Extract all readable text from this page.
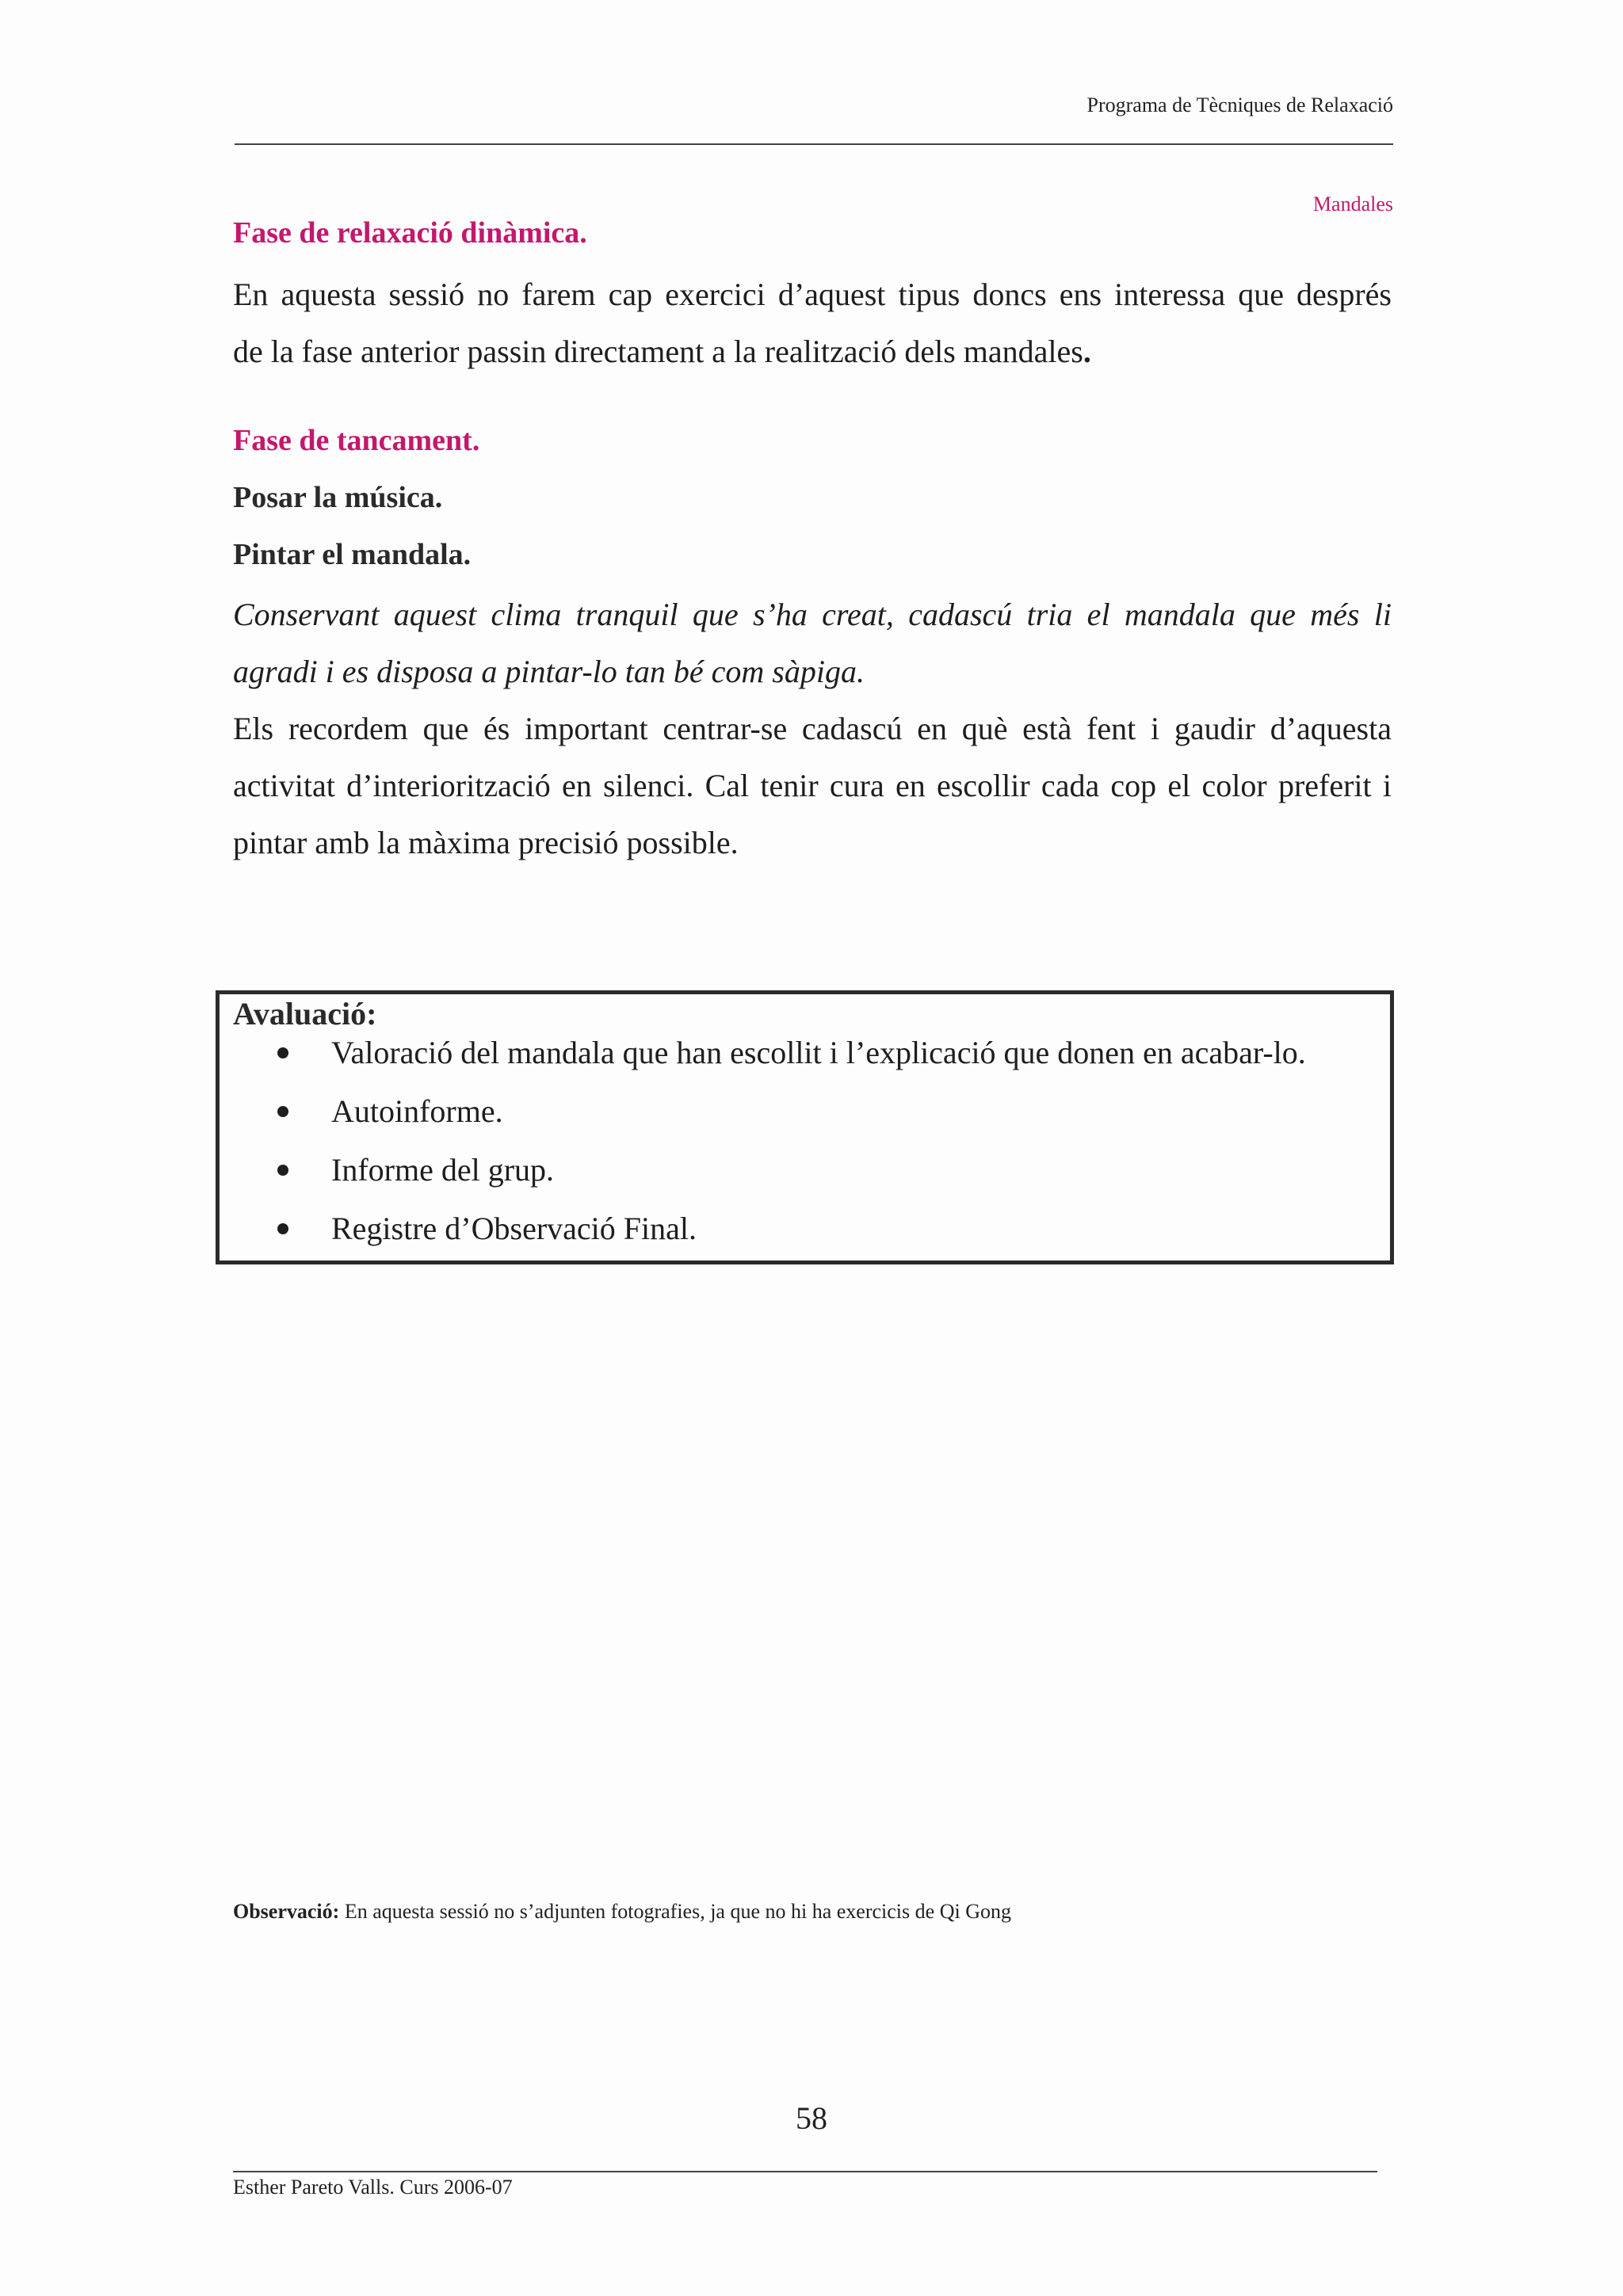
Programa de Tècniques de Relaxació
Mandales
Fase de relaxació dinàmica.
En aquesta sessió no farem cap exercici d’aquest tipus doncs ens interessa que després
de la fase anterior passin directament a la realització dels mandales.
Fase de tancament.
Posar la música.
Pintar el mandala.
Conservant aquest clima tranquil que s’ha creat, cadascú tria el mandala que més li
agradi i es disposa a pintar-lo tan bé com sàpiga.
Els recordem que és important centrar-se cadascú en què està fent i gaudir d’aquesta
activitat d’interiorització en silenci. Cal tenir cura en escollir cada cop el color preferit i
pintar amb la màxima precisió possible.
Avaluació:
Valoració del mandala que han escollit i l’explicació que donen en acabar-lo.
Autoinforme.
Informe del grup.
Registre d’Observació Final.
Observació: En aquesta sessió no s’adjunten fotografies, ja que no hi ha exercicis de Qi Gong
58
Esther Pareto Valls. Curs 2006-07
